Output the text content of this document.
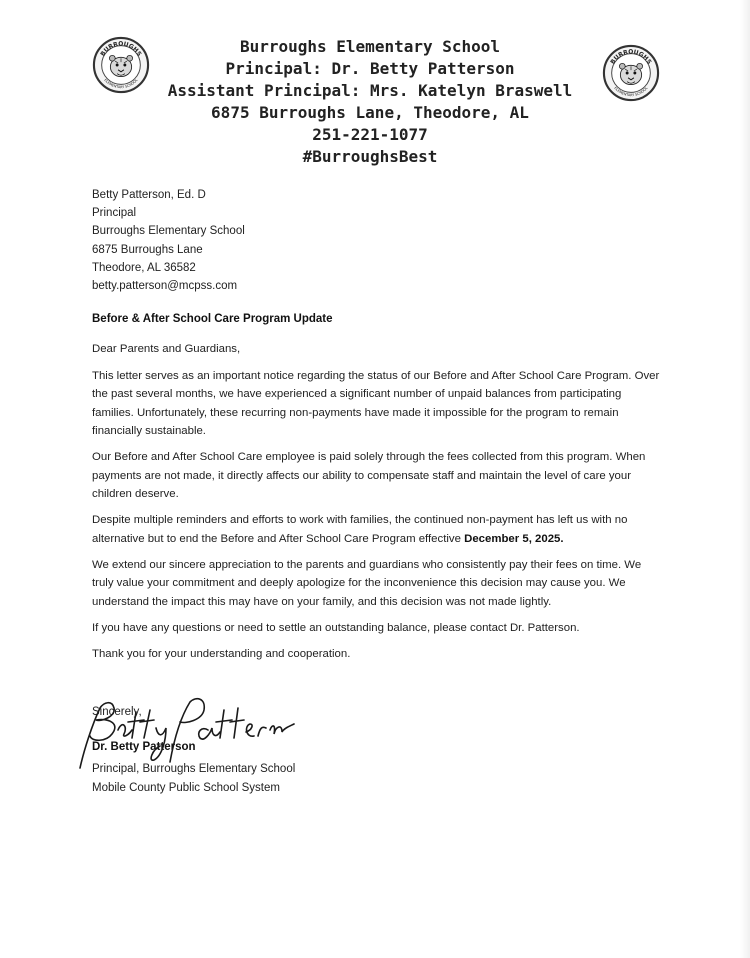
BURROUGHS
ELEMENTARY SCHOOL
BURROUGHS
ELEMENTARY SCHOOL
Burroughs Elementary School
Principal: Dr. Betty Patterson
Assistant Principal: Mrs. Katelyn Braswell
6875 Burroughs Lane, Theodore, AL
251-221-1077
#BurroughsBest
Betty Patterson, Ed. D
Principal
Burroughs Elementary School
6875 Burroughs Lane
Theodore, AL 36582
betty.patterson@mcpss.com
Before & After School Care Program Update

Dear Parents and Guardians,

This letter serves as an important notice regarding the status of our Before and After School Care Program. Over the past several months, we have experienced a significant number of unpaid balances from participating families. Unfortunately, these recurring non-payments have made it impossible for the program to remain financially sustainable.

Our Before and After School Care employee is paid solely through the fees collected from this program. When payments are not made, it directly affects our ability to compensate staff and maintain the level of care your children deserve.

Despite multiple reminders and efforts to work with families, the continued non-payment has left us with no alternative but to end the Before and After School Care Program effective December 5, 2025.

We extend our sincere appreciation to the parents and guardians who consistently pay their fees on time. We truly value your commitment and deeply apologize for the inconvenience this decision may cause you. We understand the impact this may have on your family, and this decision was not made lightly.

If you have any questions or need to settle an outstanding balance, please contact Dr. Patterson.

Thank you for your understanding and cooperation.

Sincerely,
Dr. Betty Patterson
Principal, Burroughs Elementary School
Mobile County Public School System
